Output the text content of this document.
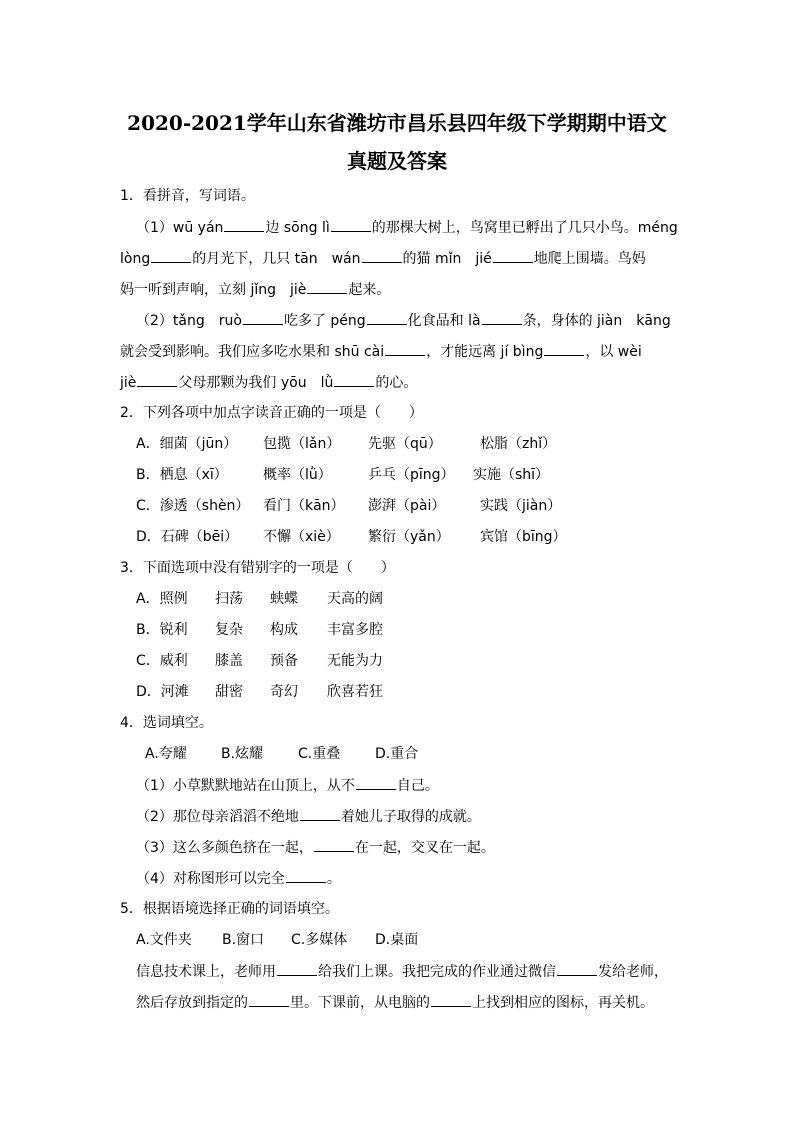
2020-2021学年山东省潍坊市昌乐县四年级下学期期中语文
真题及答案
1．看拼音，写词语。
（1）wū yán	边 sōng lì	的那棵大树上，鸟窝里已孵出了几只小鸟。méng
lòng	的月光下，几只 tān　wán	的猫 mǐn　jié	地爬上围墙。鸟妈
妈一听到声响，立刻 jǐng　jiè	起来。
（2）tǎng　ruò	吃多了 péng	化食品和 là	条，身体的 jiàn　kāng
就会受到影响。我们应多吃水果和 shū cài	，才能远离 jí bìng	，以 wèi
jiè	父母那颗为我们 yōu　lǜ	的心。
2．下列各项中加点字读音正确的一项是（　　）
A．细菌（jūn） 包揽（lǎn） 先驱（qū）	松脂（zhǐ）
B．栖息（xī）	概率（lǜ）	乒乓（pīng） 实施（shī）
C．渗透（shèn） 看门（kān） 澎湃（pài） 实践（jiàn）
D．石碑（bēi） 不懈（xiè） 繁衍（yǎn） 宾馆（bīng）
3．下面选项中没有错别字的一项是（　　）
A．照例 扫荡 蛱蝶 天高的阔
B．锐利 复杂 构成 丰富多腔
C．威利 膝盖 预备 无能为力
D．河滩 甜密 奇幻 欣喜若狂
4．选词填空。
A.夸耀 B.炫耀 C.重叠 D.重合
（1）小草默默地站在山顶上，从不	自己。
（2）那位母亲滔滔不绝地	着她儿子取得的成就。
（3）这么多颜色挤在一起，	在一起，交叉在一起。
（4）对称图形可以完全	。
5．根据语境选择正确的词语填空。
A.文件夹 B.窗口 C.多媒体 D.桌面
信息技术课上，老师用	给我们上课。我把完成的作业通过微信	发给老师，
然后存放到指定的	里。下课前，从电脑的	上找到相应的图标，再关机。
